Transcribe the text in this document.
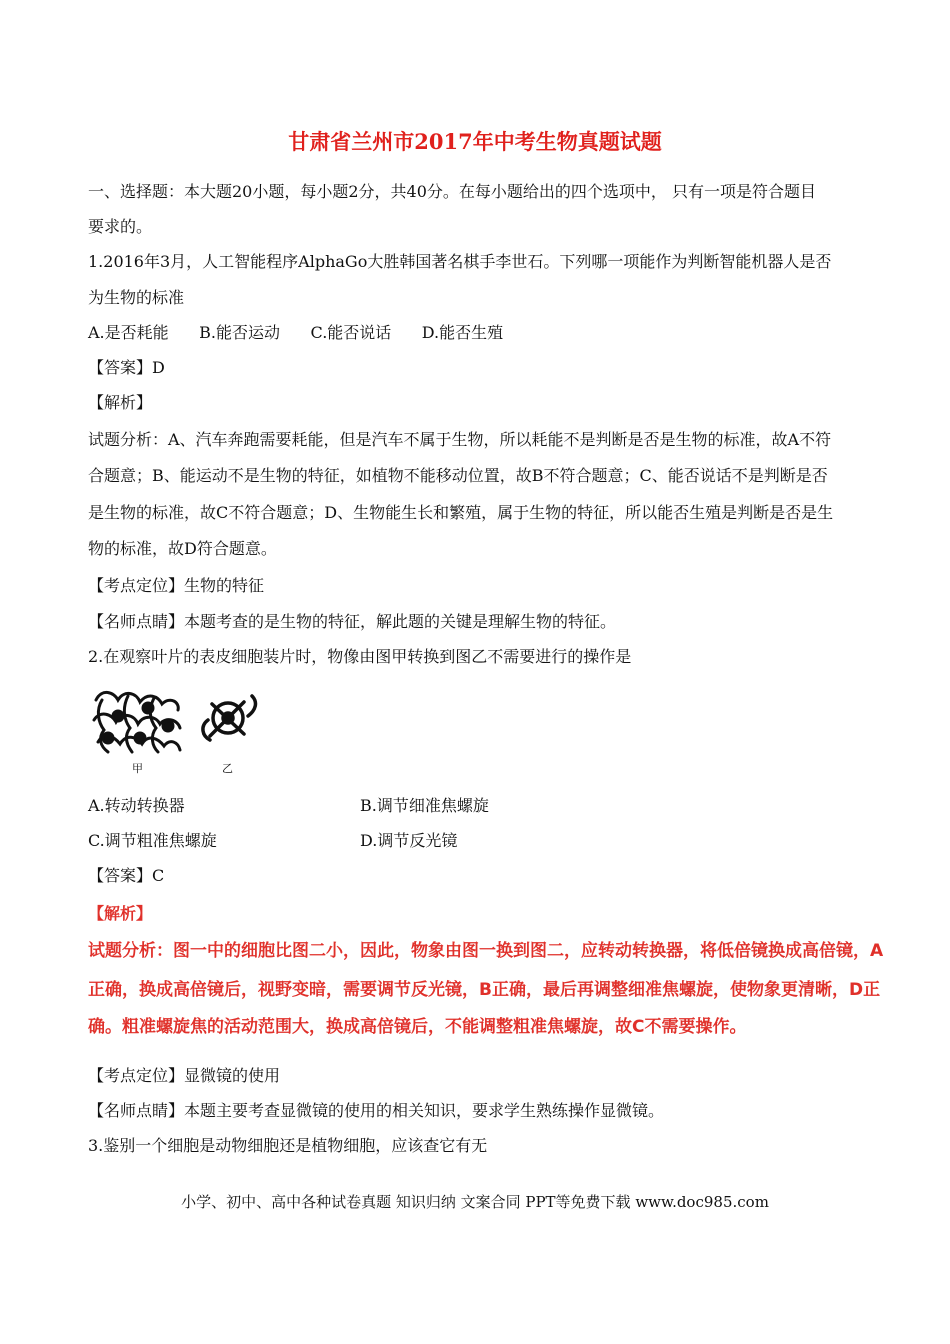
甘肃省兰州市2017年中考生物真题试题
一、选择题：本大题20小题，每小题2分，共40分。在每小题给出的四个选项中， 只有一项是符合题目
要求的。
1.2016年3月，人工智能程序AlphaGo大胜韩国著名棋手李世石。下列哪一项能作为判断智能机器人是否
为生物的标准
A.是否耗能      B.能否运动      C.能否说话      D.能否生殖
【答案】D
【解析】
试题分析：A、汽车奔跑需要耗能，但是汽车不属于生物，所以耗能不是判断是否是生物的标准，故A不符
合题意；B、能运动不是生物的特征，如植物不能移动位置，故B不符合题意；C、能否说话不是判断是否
是生物的标准，故C不符合题意；D、生物能生长和繁殖，属于生物的特征，所以能否生殖是判断是否是生
物的标准，故D符合题意。
【考点定位】生物的特征
【名师点睛】本题考查的是生物的特征，解此题的关键是理解生物的特征。
2.在观察叶片的表皮细胞装片时，物像由图甲转换到图乙不需要进行的操作是
甲	乙
A.转动转换器	B.调节细准焦螺旋
C.调节粗准焦螺旋	D.调节反光镜
【答案】C
【解析】
试题分析：图一中的细胞比图二小，因此，物象由图一换到图二，应转动转换器，将低倍镜换成高倍镜，A
正确，换成高倍镜后，视野变暗，需要调节反光镜，B正确，最后再调整细准焦螺旋，使物象更清晰，D正
确。粗准螺旋焦的活动范围大，换成高倍镜后，不能调整粗准焦螺旋，故C不需要操作。
【考点定位】显微镜的使用
【名师点睛】本题主要考查显微镜的使用的相关知识，要求学生熟练操作显微镜。
3.鉴别一个细胞是动物细胞还是植物细胞，应该查它有无
小学、初中、高中各种试卷真题 知识归纳 文案合同 PPT等免费下载 www.doc985.com
